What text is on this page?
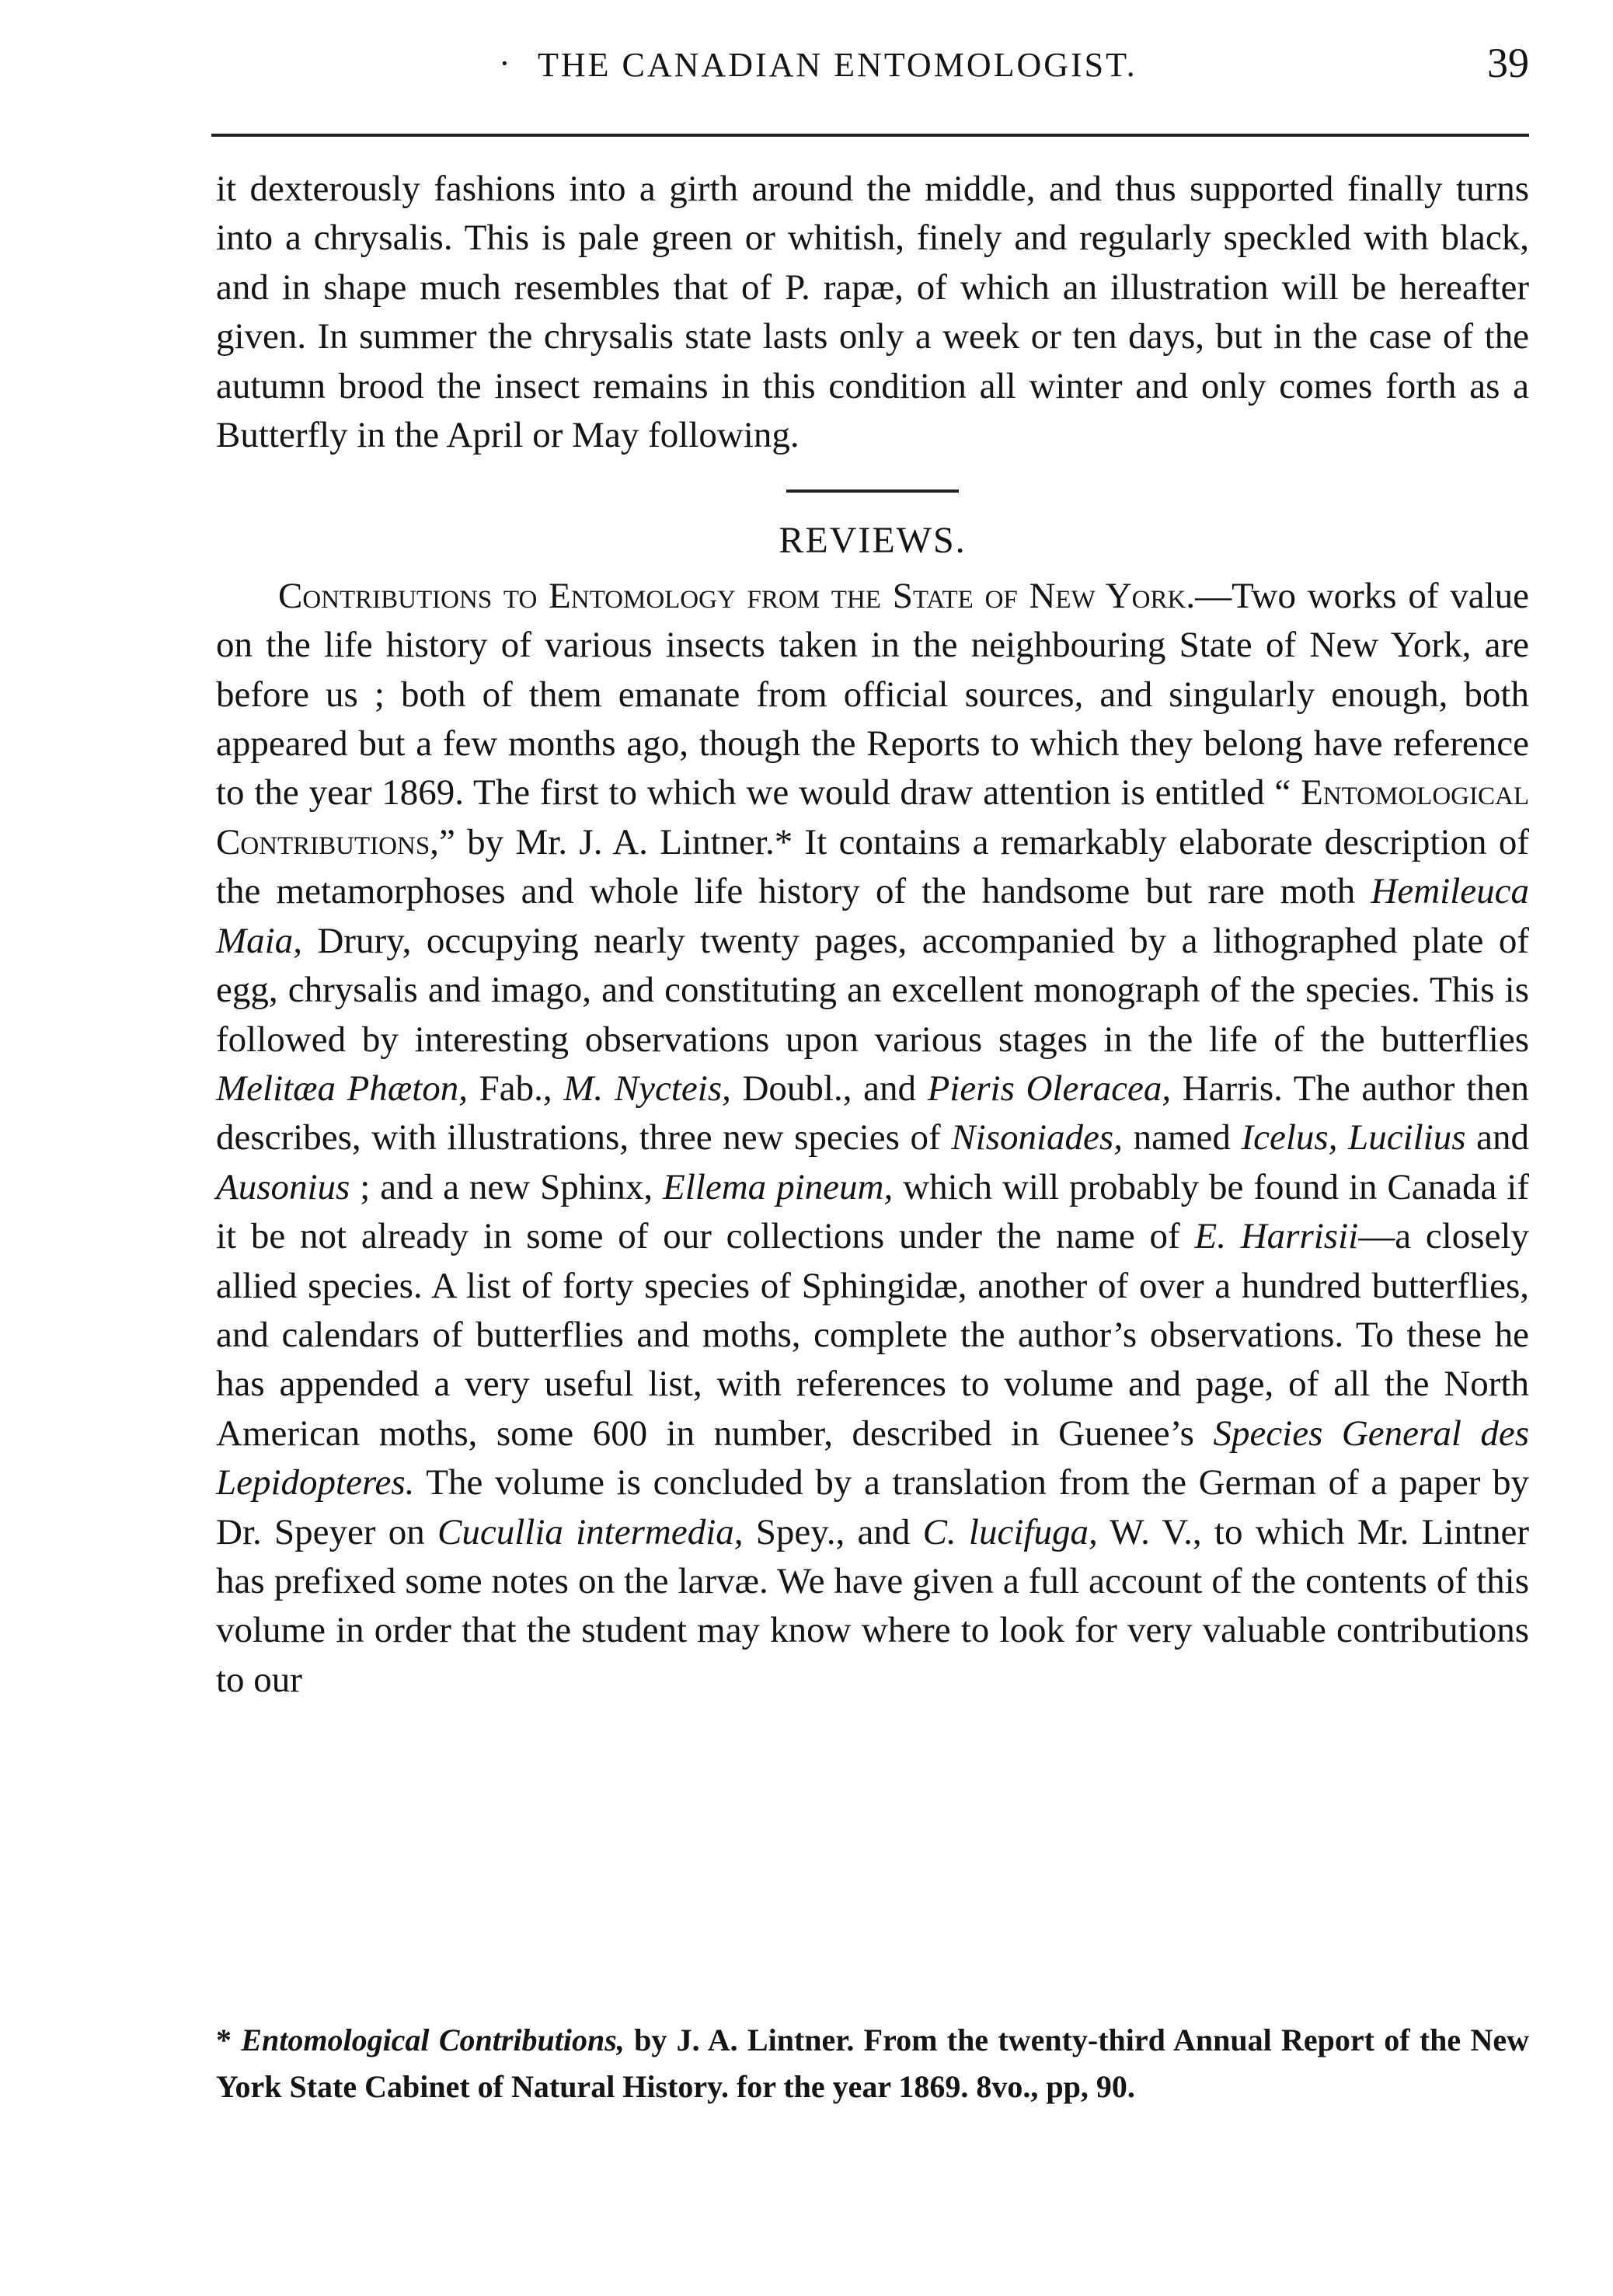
· THE CANADIAN ENTOMOLOGIST.	39

it dexterously fashions into a girth around the middle, and thus supported finally turns into a chrysalis. This is pale green or whitish, finely and regularly speckled with black, and in shape much resembles that of P. rapæ, of which an illustration will be hereafter given. In summer the chrysalis state lasts only a week or ten days, but in the case of the autumn brood the insect remains in this condition all winter and only comes forth as a Butterfly in the April or May following.

REVIEWS.

Contributions to Entomology from the State of New York.—Two works of value on the life history of various insects taken in the neighbouring State of New York, are before us ; both of them emanate from official sources, and singularly enough, both appeared but a few months ago, though the Reports to which they belong have reference to the year 1869. The first to which we would draw attention is entitled “ Entomological Contributions,” by Mr. J. A. Lintner.* It contains a remarkably elaborate description of the metamorphoses and whole life history of the handsome but rare moth Hemileuca Maia, Drury, occupying nearly twenty pages, accompanied by a lithographed plate of egg, chrysalis and imago, and constituting an excellent monograph of the species. This is followed by interesting observations upon various stages in the life of the butterflies Melitæa Phæton, Fab., M. Nycteis, Doubl., and Pieris Oleracea, Harris. The author then describes, with illustrations, three new species of Nisoniades, named Icelus, Lucilius and Ausonius ; and a new Sphinx, Ellema pineum, which will probably be found in Canada if it be not already in some of our collections under the name of E. Harrisii—a closely allied species. A list of forty species of Sphingidæ, another of over a hundred butterflies, and calendars of butterflies and moths, complete the author’s observations. To these he has appended a very useful list, with references to volume and page, of all the North American moths, some 600 in number, described in Guenee’s Species General des Lepidopteres. The volume is concluded by a translation from the German of a paper by Dr. Speyer on Cucullia intermedia, Spey., and C. lucifuga, W. V., to which Mr. Lintner has prefixed some notes on the larvæ. We have given a full account of the contents of this volume in order that the student may know where to look for very valuable contributions to our

* Entomological Contributions, by J. A. Lintner. From the twenty-third Annual Report of the New York State Cabinet of Natural History. for the year 1869. 8vo., pp, 90.
